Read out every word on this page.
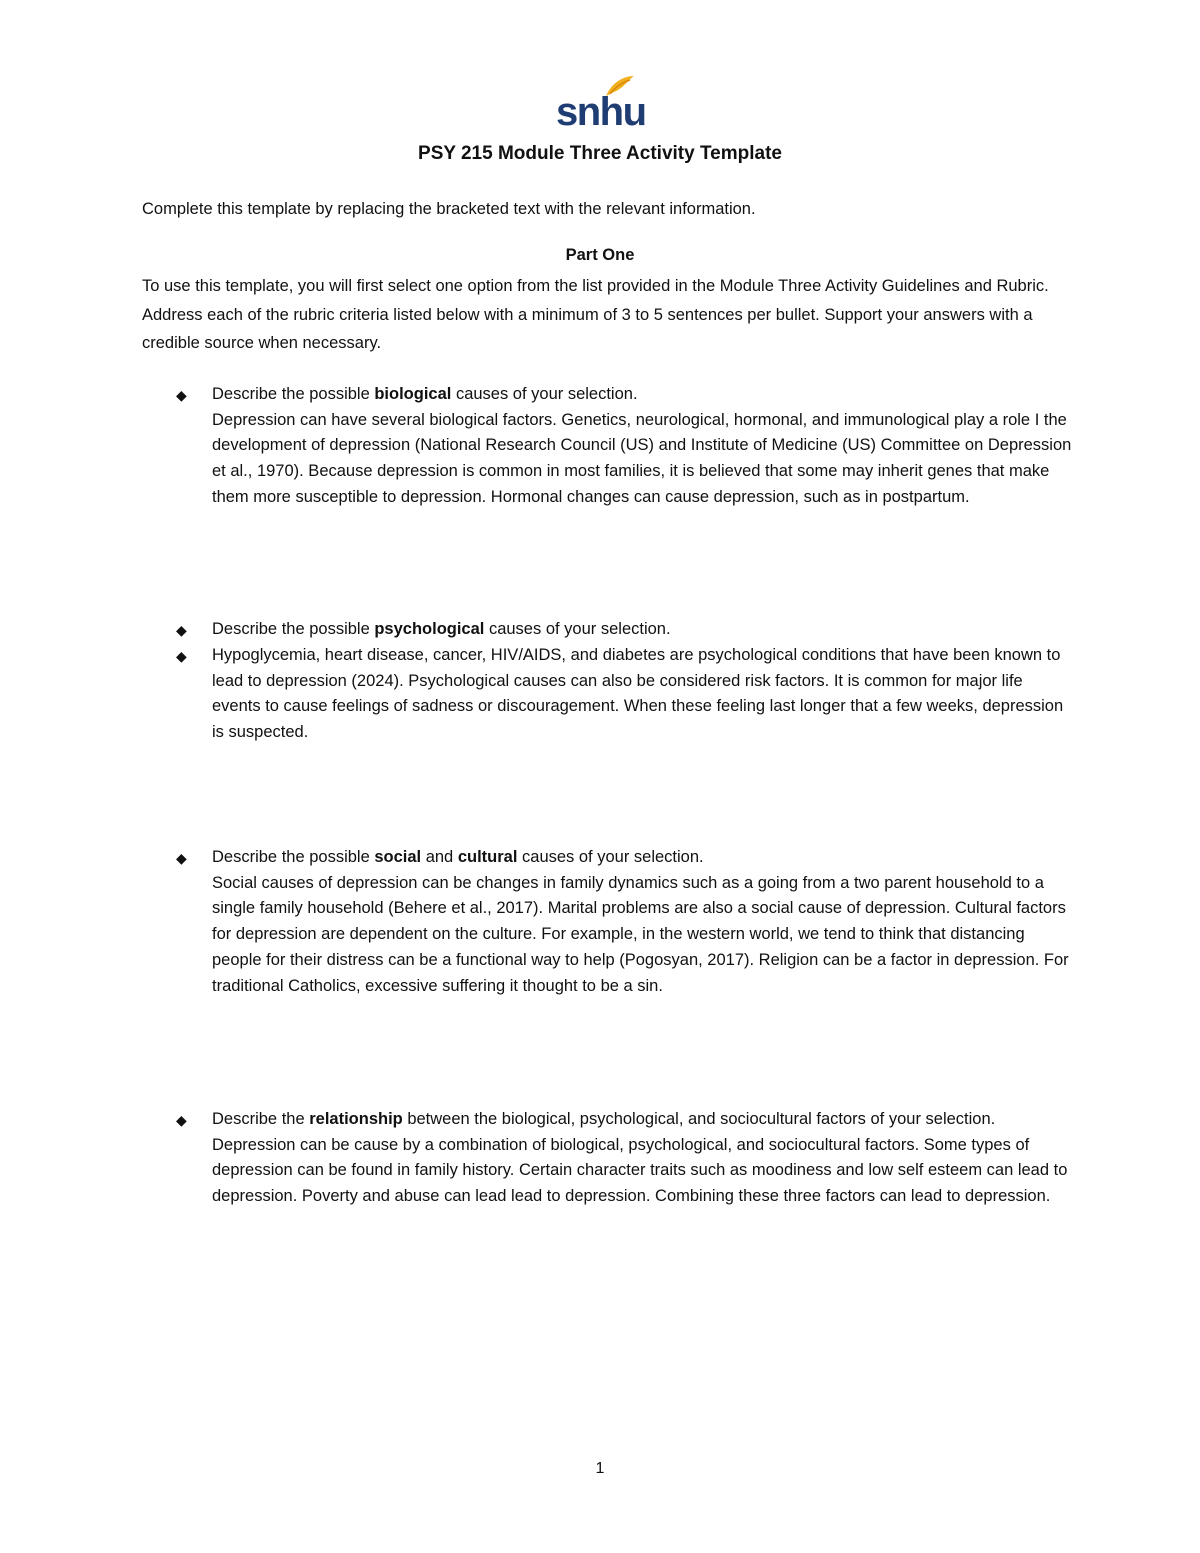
snhu
PSY 215 Module Three Activity Template
Complete this template by replacing the bracketed text with the relevant information.
Part One
To use this template, you will first select one option from the list provided in the Module Three Activity Guidelines and Rubric. Address each of the rubric criteria listed below with a minimum of 3 to 5 sentences per bullet. Support your answers with a credible source when necessary.
◆ Describe the possible biological causes of your selection.
Depression can have several biological factors. Genetics, neurological, hormonal, and immunological play a role I the development of depression (National Research Council (US) and Institute of Medicine (US) Committee on Depression et al., 1970). Because depression is common in most families, it is believed that some may inherit genes that make them more susceptible to depression. Hormonal changes can cause depression, such as in postpartum.
◆ Describe the possible psychological causes of your selection.
◆ Hypoglycemia, heart disease, cancer, HIV/AIDS, and diabetes are psychological conditions that have been known to lead to depression (2024). Psychological causes can also be considered risk factors. It is common for major life events to cause feelings of sadness or discouragement. When these feeling last longer that a few weeks, depression is suspected.
◆ Describe the possible social and cultural causes of your selection.
Social causes of depression can be changes in family dynamics such as a going from a two parent household to a single family household (Behere et al., 2017). Marital problems are also a social cause of depression. Cultural factors for depression are dependent on the culture. For example, in the western world, we tend to think that distancing people for their distress can be a functional way to help (Pogosyan, 2017). Religion can be a factor in depression. For traditional Catholics, excessive suffering it thought to be a sin.
◆ Describe the relationship between the biological, psychological, and sociocultural factors of your selection.
Depression can be cause by a combination of biological, psychological, and sociocultural factors. Some types of depression can be found in family history. Certain character traits such as moodiness and low self esteem can lead to depression. Poverty and abuse can lead lead to depression. Combining these three factors can lead to depression.
1
